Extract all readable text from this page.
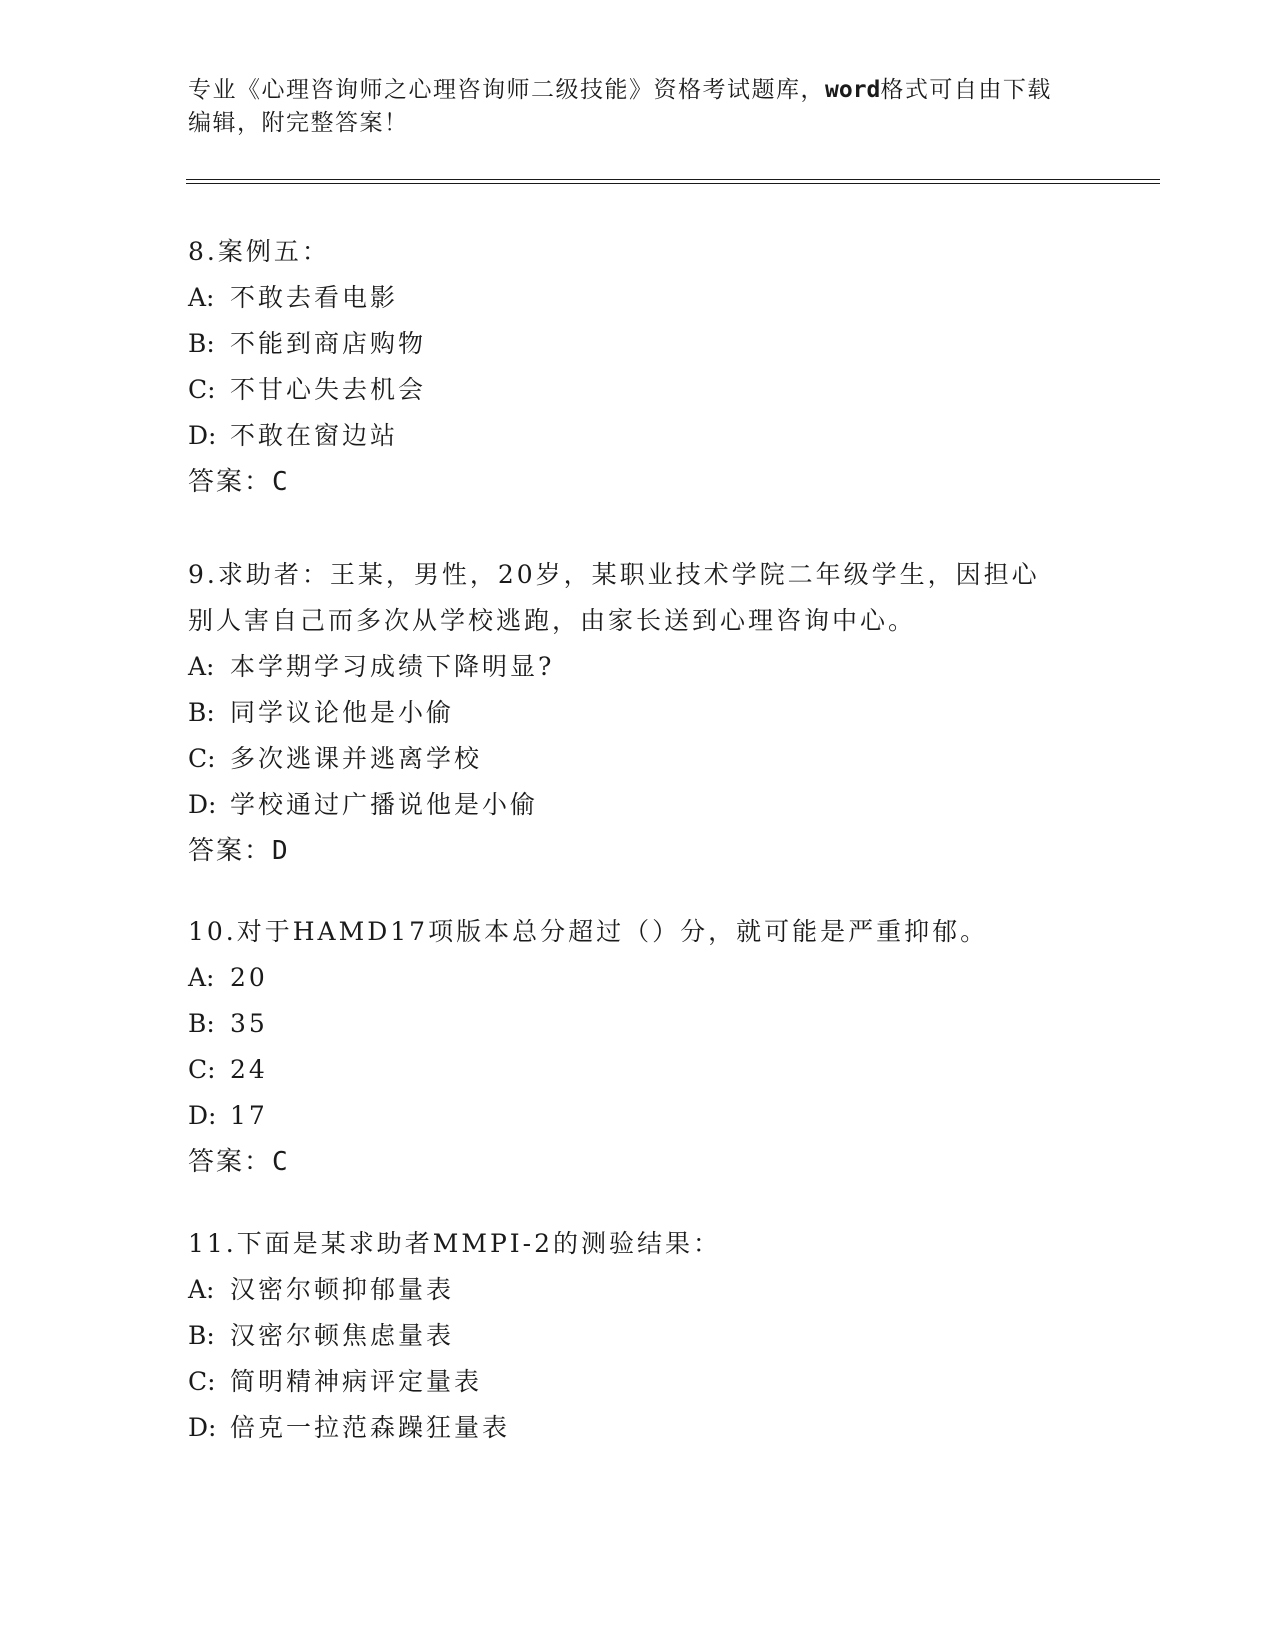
专业《心理咨询师之心理咨询师二级技能》资格考试题库，word格式可自由下载
编辑，附完整答案！
8.案例五：
A: 不敢去看电影
B: 不能到商店购物
C: 不甘心失去机会
D: 不敢在窗边站
答案：C
9.求助者：王某，男性，20岁，某职业技术学院二年级学生，因担心
别人害自己而多次从学校逃跑，由家长送到心理咨询中心。
A: 本学期学习成绩下降明显?
B: 同学议论他是小偷
C: 多次逃课并逃离学校
D: 学校通过广播说他是小偷
答案：D
10.对于HAMD17项版本总分超过（）分，就可能是严重抑郁。
A: 20
B: 35
C: 24
D: 17
答案：C
11.下面是某求助者MMPI-2的测验结果：
A: 汉密尔顿抑郁量表
B: 汉密尔顿焦虑量表
C: 简明精神病评定量表
D: 倍克一拉范森躁狂量表
